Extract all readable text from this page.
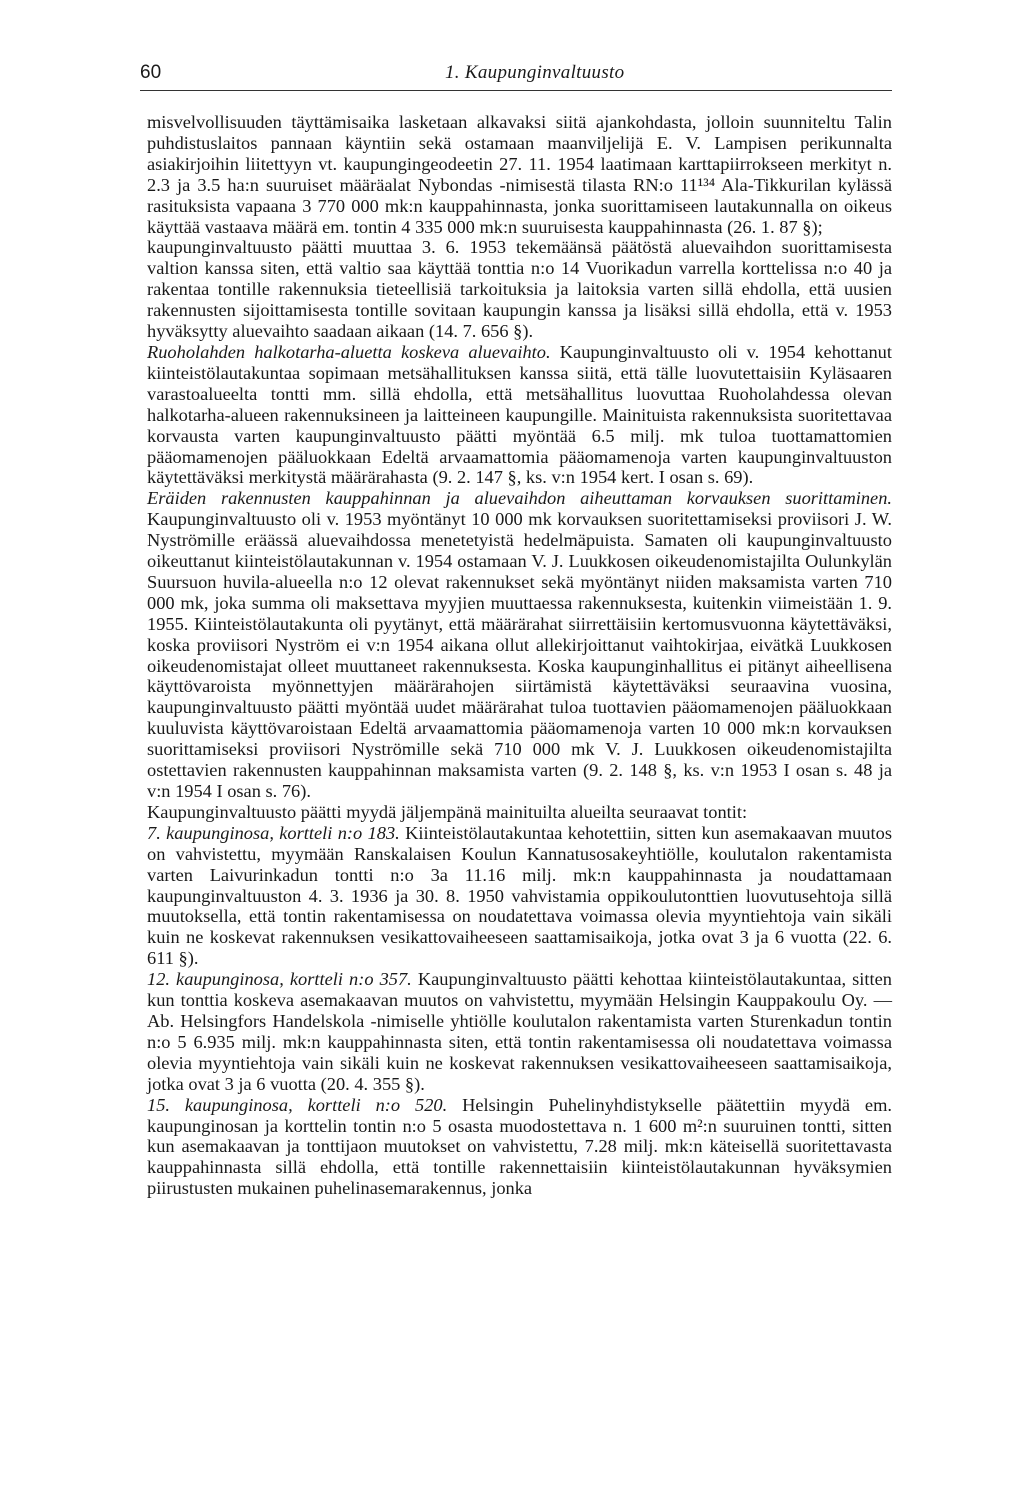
60	1. Kaupunginvaltuusto

misvelvollisuuden täyttämisaika lasketaan alkavaksi siitä ajankohdasta, jolloin suunniteltu Talin puhdistuslaitos pannaan käyntiin sekä ostamaan maanviljelijä E. V. Lampisen perikunnalta asiakirjoihin liitettyyn vt. kaupungingeodeetin 27. 11. 1954 laatimaan karttapiirrokseen merkityt n. 2.3 ja 3.5 ha:n suuruiset määräalat Nybondas -nimisestä tilasta RN:o 11¹³⁴ Ala-Tikkurilan kylässä rasituksista vapaana 3 770 000 mk:n kauppahinnasta, jonka suorittamiseen lautakunnalla on oikeus käyttää vastaava määrä em. tontin 4 335 000 mk:n suuruisesta kauppahinnasta (26. 1. 87 §);

kaupunginvaltuusto päätti muuttaa 3. 6. 1953 tekemäänsä päätöstä aluevaihdon suorittamisesta valtion kanssa siten, että valtio saa käyttää tonttia n:o 14 Vuorikadun varrella korttelissa n:o 40 ja rakentaa tontille rakennuksia tieteellisiä tarkoituksia ja laitoksia varten sillä ehdolla, että uusien rakennusten sijoittamisesta tontille sovitaan kaupungin kanssa ja lisäksi sillä ehdolla, että v. 1953 hyväksytty aluevaihto saadaan aikaan (14. 7. 656 §).

Ruoholahden halkotarha-aluetta koskeva aluevaihto. Kaupunginvaltuusto oli v. 1954 kehottanut kiinteistölautakuntaa sopimaan metsähallituksen kanssa siitä, että tälle luovutettaisiin Kyläsaaren varastoalueelta tontti mm. sillä ehdolla, että metsähallitus luovuttaa Ruoholahdessa olevan halkotarha-alueen rakennuksineen ja laitteineen kaupungille. Mainituista rakennuksista suoritettavaa korvausta varten kaupunginvaltuusto päätti myöntää 6.5 milj. mk tuloa tuottamattomien pääomamenojen pääluokkaan Edeltä arvaamattomia pääomamenoja varten kaupunginvaltuuston käytettäväksi merkitystä määrärahasta (9. 2. 147 §, ks. v:n 1954 kert. I osan s. 69).

Eräiden rakennusten kauppahinnan ja aluevaihdon aiheuttaman korvauksen suorittaminen. Kaupunginvaltuusto oli v. 1953 myöntänyt 10 000 mk korvauksen suoritettamiseksi proviisori J. W. Nyströmille eräässä aluevaihdossa menetetyistä hedelmäpuista. Samaten oli kaupunginvaltuusto oikeuttanut kiinteistölautakunnan v. 1954 ostamaan V. J. Luukkosen oikeudenomistajilta Oulunkylän Suursuon huvila-alueella n:o 12 olevat rakennukset sekä myöntänyt niiden maksamista varten 710 000 mk, joka summa oli maksettava myyjien muuttaessa rakennuksesta, kuitenkin viimeistään 1. 9. 1955. Kiinteistölautakunta oli pyytänyt, että määrärahat siirrettäisiin kertomusvuonna käytettäväksi, koska proviisori Nyström ei v:n 1954 aikana ollut allekirjoittanut vaihtokirjaa, eivätkä Luukkosen oikeudenomistajat olleet muuttaneet rakennuksesta. Koska kaupunginhallitus ei pitänyt aiheellisena käyttövaroista myönnettyjen määrärahojen siirtämistä käytettäväksi seuraavina vuosina, kaupunginvaltuusto päätti myöntää uudet määrärahat tuloa tuottavien pääomamenojen pääluokkaan kuuluvista käyttövaroistaan Edeltä arvaamattomia pääomamenoja varten 10 000 mk:n korvauksen suorittamiseksi proviisori Nyströmille sekä 710 000 mk V. J. Luukkosen oikeudenomistajilta ostettavien rakennusten kauppahinnan maksamista varten (9. 2. 148 §, ks. v:n 1953 I osan s. 48 ja v:n 1954 I osan s. 76).

Kaupunginvaltuusto päätti myydä jäljempänä mainituilta alueilta seuraavat tontit:

7. kaupunginosa, kortteli n:o 183. Kiinteistölautakuntaa kehotettiin, sitten kun asemakaavan muutos on vahvistettu, myymään Ranskalaisen Koulun Kannatusosakeyhtiölle, koulutalon rakentamista varten Laivurinkadun tontti n:o 3a 11.16 milj. mk:n kauppahinnasta ja noudattamaan kaupunginvaltuuston 4. 3. 1936 ja 30. 8. 1950 vahvistamia oppikoulutonttien luovutusehtoja sillä muutoksella, että tontin rakentamisessa on noudatettava voimassa olevia myyntiehtoja vain sikäli kuin ne koskevat rakennuksen vesikattovaiheeseen saattamisaikoja, jotka ovat 3 ja 6 vuotta (22. 6. 611 §).

12. kaupunginosa, kortteli n:o 357. Kaupunginvaltuusto päätti kehottaa kiinteistölautakuntaa, sitten kun tonttia koskeva asemakaavan muutos on vahvistettu, myymään Helsingin Kauppakoulu Oy. — Ab. Helsingfors Handelskola -nimiselle yhtiölle koulutalon rakentamista varten Sturenkadun tontin n:o 5 6.935 milj. mk:n kauppahinnasta siten, että tontin rakentamisessa oli noudatettava voimassa olevia myyntiehtoja vain sikäli kuin ne koskevat rakennuksen vesikattovaiheeseen saattamisaikoja, jotka ovat 3 ja 6 vuotta (20. 4. 355 §).

15. kaupunginosa, kortteli n:o 520. Helsingin Puhelinyhdistykselle päätettiin myydä em. kaupunginosan ja korttelin tontin n:o 5 osasta muodostettava n. 1 600 m²:n suuruinen tontti, sitten kun asemakaavan ja tonttijaon muutokset on vahvistettu, 7.28 milj. mk:n käteisellä suoritettavasta kauppahinnasta sillä ehdolla, että tontille rakennettaisiin kiinteistölautakunnan hyväksymien piirustusten mukainen puhelinasemarakennus, jonka
